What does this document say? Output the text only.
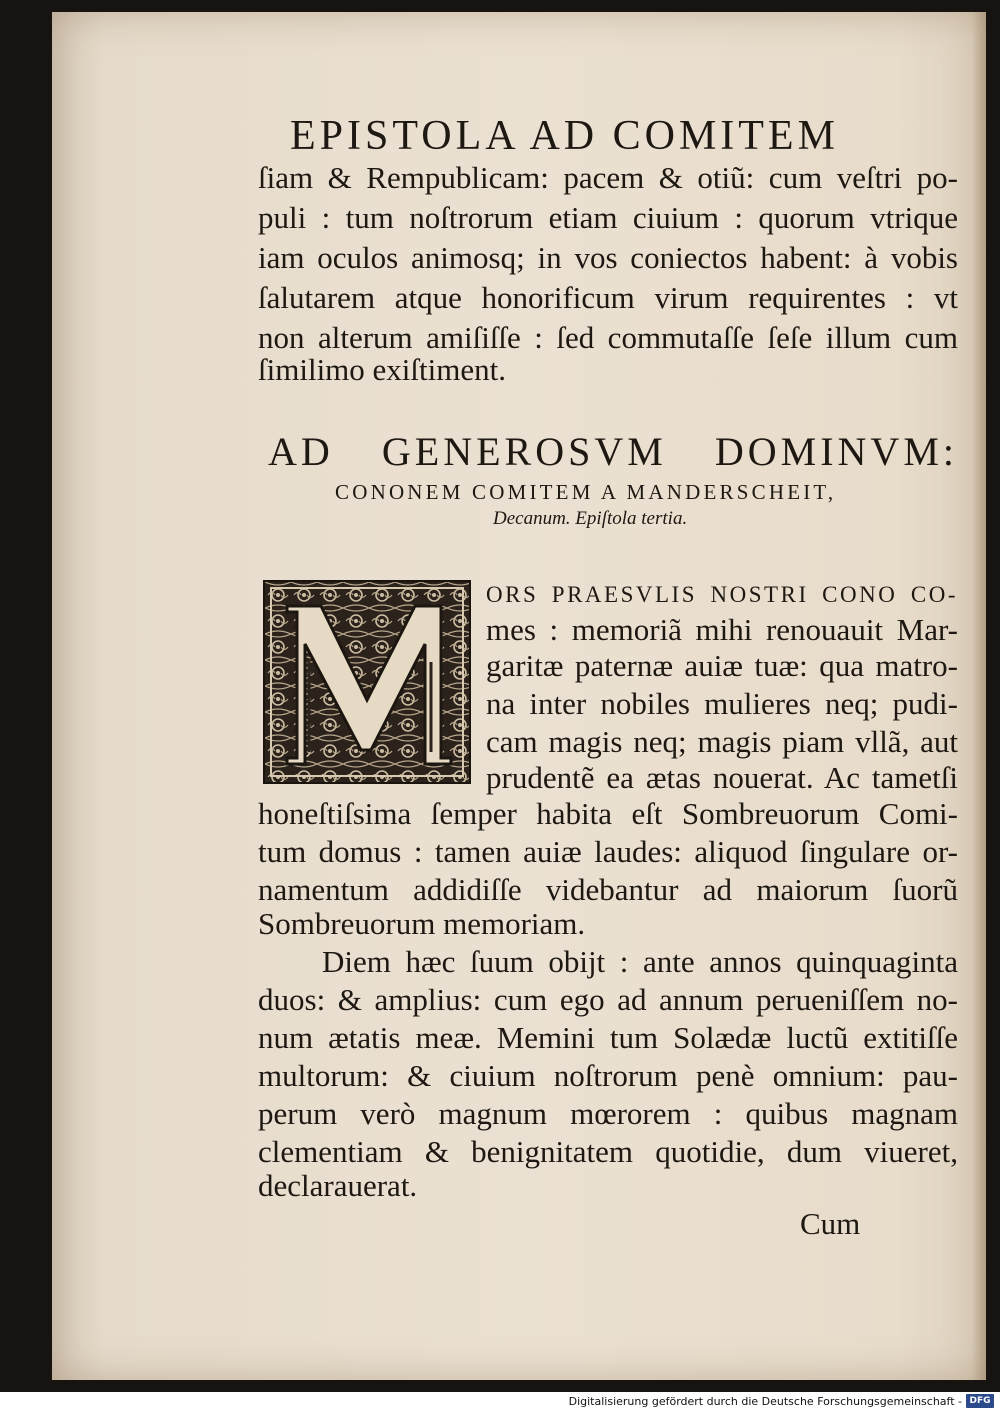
EPISTOLA AD COMITEM
ſiam & Rempublicam: pacem & otiũ: cum veſtri po-
puli : tum noſtrorum etiam ciuium : quorum vtrique
iam oculos animosq; in vos coniectos habent: à vobis
ſalutarem atque honorificum virum requirentes : vt
non alterum amiſiſſe : ſed commutaſſe ſeſe illum cum
ſimilimo exiſtiment.
AD GENEROSVM DOMINVM:
CONONEM COMITEM A MANDERSCHEIT,
Decanum. Epiſtola tertia.
ORS PRAESVLIS NOSTRI CONO CO-
mes : memoriã mihi renouauit Mar-
garitæ paternæ auiæ tuæ: qua matro-
na inter nobiles mulieres neq; pudi-
cam magis neq; magis piam vllã, aut
prudentẽ ea ætas nouerat. Ac tametſi
honeſtiſsima ſemper habita eſt Sombreuorum Comi-
tum domus : tamen auiæ laudes: aliquod ſingulare or-
namentum addidiſſe videbantur ad maiorum ſuorũ
Sombreuorum memoriam.
Diem hæc ſuum obijt : ante annos quinquaginta
duos: & amplius: cum ego ad annum perueniſſem no-
num ætatis meæ. Memini tum Solædæ luctũ extitiſſe
multorum: & ciuium noſtrorum penè omnium: pau-
perum verò magnum mœrorem : quibus magnam
clementiam & benignitatem quotidie, dum viueret,
declarauerat.
Cum
Digitalisierung gefördert durch die Deutsche Forschungsgemeinschaft - DFG
